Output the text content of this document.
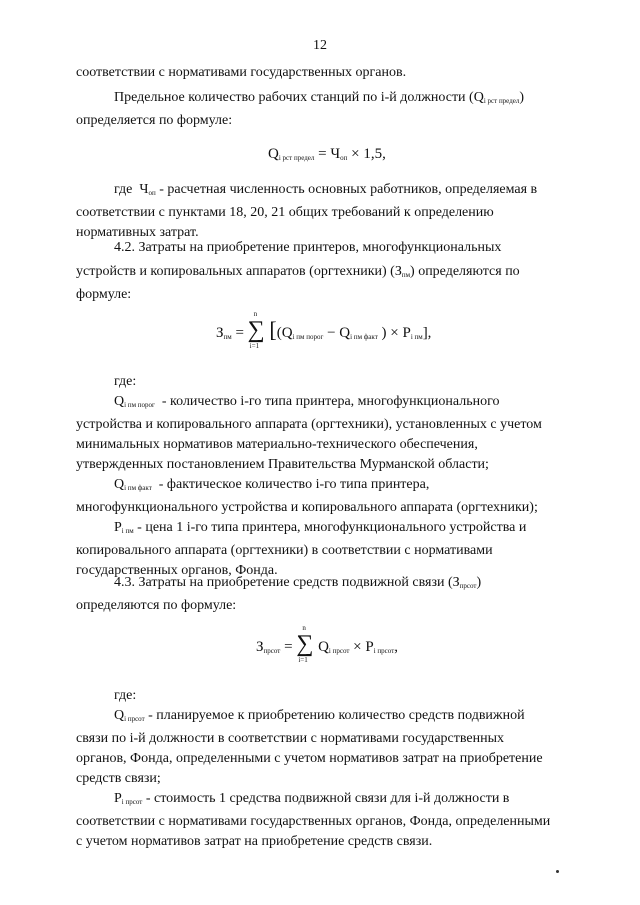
12
соответствии с нормативами государственных органов.
Предельное количество рабочих станций по i-й должности $(Q_{i рст предел})$
определяется по формуле:
$Q_{i рст предел} = Ч_{оп} \times 1,5$,
где $Ч_{оп}$ - расчетная численность основных работников, определяемая в
соответствии с пунктами 18, 20, 21 общих требований к определению
нормативных затрат.
4.2. Затраты на приобретение принтеров, многофункциональных
устройств и копировальных аппаратов (оргтехники) $(З_{пм})$ определяются по
формуле:
$З_{пм}$ = ∑
n
i=1
[($Q_{i пм порог} - Q_{i пм факт}$ ) × $P_{i пм}$],
где:
$Q_{i пм порог}$ - количество i-го типа принтера, многофункционального
устройства и копировального аппарата (оргтехники), установленных с учетом
минимальных нормативов материально-технического обеспечения,
утвержденных постановлением Правительства Мурманской области;
$Q_{i пм факт}$ - фактическое количество i-го типа принтера,
многофункционального устройства и копировального аппарата (оргтехники);
$P_{i пм}$ - цена 1 i-го типа принтера, многофункционального устройства и
копировального аппарата (оргтехники) в соответствии с нормативами
государственных органов, Фонда.
4.3. Затраты на приобретение средств подвижной связи $(З_{прсот})$
определяются по формуле:
$З_{прсот}$ = ∑
n
i=1
$Q_{i прсот} \times P_{i прсот}$,
где:
$Q_{i прсот}$ - планируемое к приобретению количество средств подвижной
связи по i-й должности в соответствии с нормативами государственных
органов, Фонда, определенными с учетом нормативов затрат на приобретение
средств связи;
$P_{i прсот}$ - стоимость 1 средства подвижной связи для i-й должности в
соответствии с нормативами государственных органов, Фонда, определенными
с учетом нормативов затрат на приобретение средств связи.
